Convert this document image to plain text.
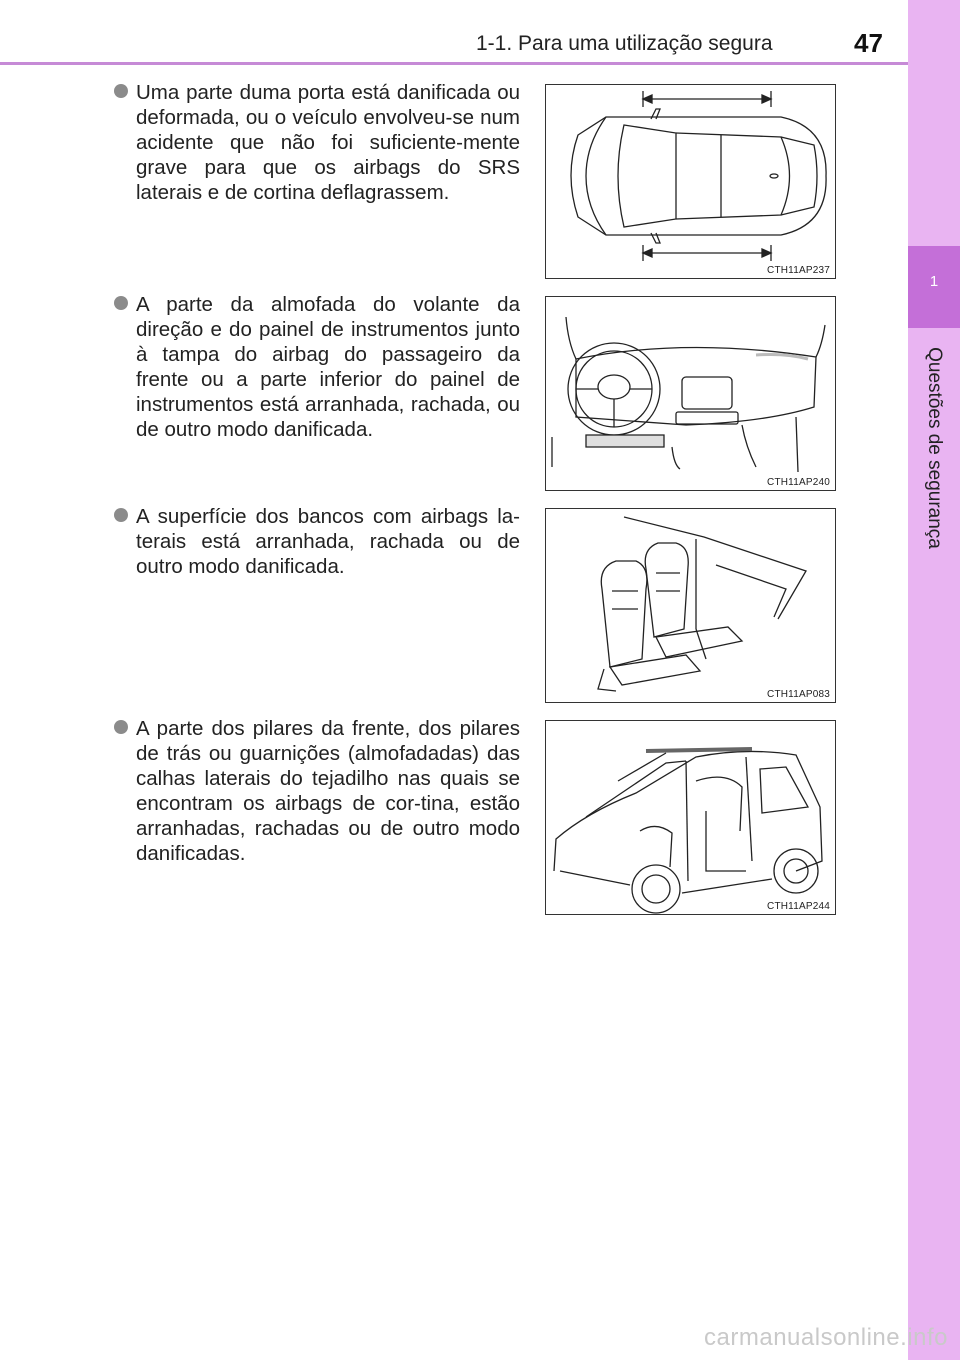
1-1. Para uma utilização segura	47
1
Questões de segurança
Uma parte duma porta está danificada ou deformada, ou o veículo envolveu-se num acidente que não foi suficiente-mente grave para que os airbags do SRS laterais e de cortina deflagrassem.
CTH11AP237
A parte da almofada do volante da direção e do painel de instrumentos junto à tampa do airbag do passageiro da frente ou a parte inferior do painel de instrumentos está arranhada, rachada, ou de outro modo danificada.
CTH11AP240
A superfície dos bancos com airbags la-terais está arranhada, rachada ou de outro modo danificada.
CTH11AP083
A parte dos pilares da frente, dos pilares de trás ou guarnições (almofadadas) das calhas laterais do tejadilho nas quais se encontram os airbags de cor-tina, estão arranhadas, rachadas ou de outro modo danificadas.
CTH11AP244
carmanualsonline.info
